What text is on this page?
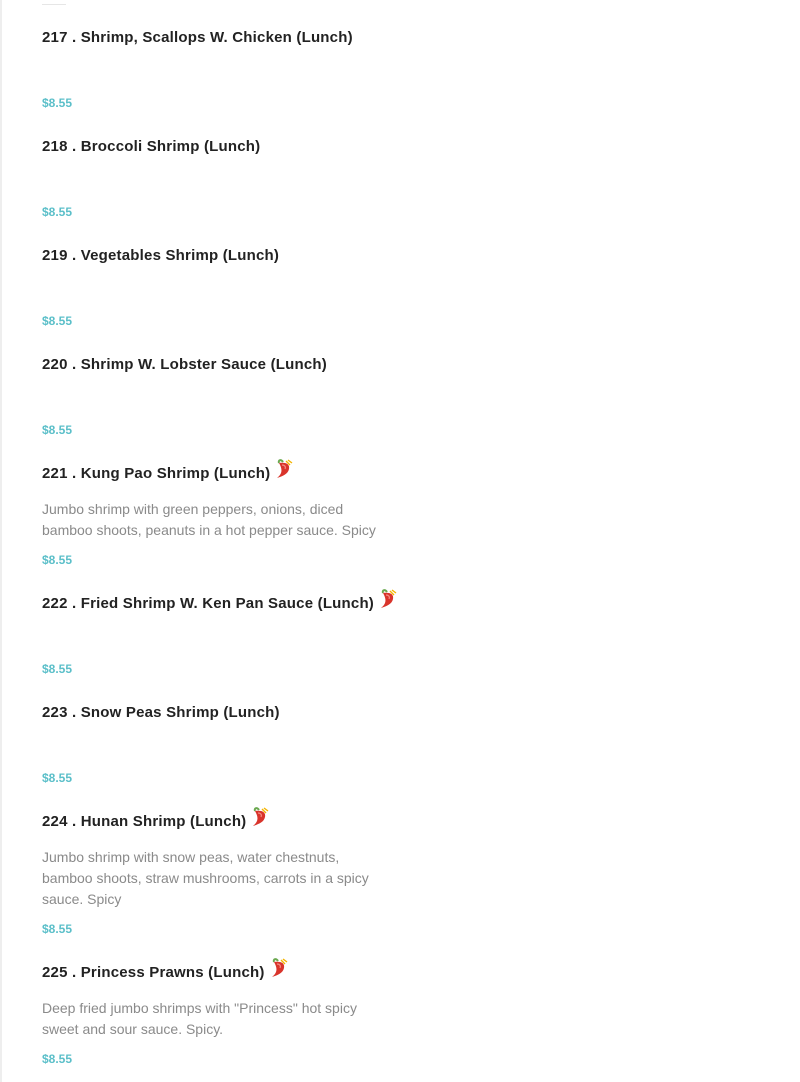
217 . Shrimp, Scallops W. Chicken (Lunch)
$8.55
218 . Broccoli Shrimp (Lunch)
$8.55
219 . Vegetables Shrimp (Lunch)
$8.55
220 . Shrimp W. Lobster Sauce (Lunch)
$8.55
221 . Kung Pao Shrimp (Lunch)
Jumbo shrimp with green peppers, onions, diced bamboo shoots, peanuts in a hot pepper sauce. Spicy
$8.55
222 . Fried Shrimp W. Ken Pan Sauce (Lunch)
$8.55
223 . Snow Peas Shrimp (Lunch)
$8.55
224 . Hunan Shrimp (Lunch)
Jumbo shrimp with snow peas, water chestnuts, bamboo shoots, straw mushrooms, carrots in a spicy sauce. Spicy
$8.55
225 . Princess Prawns (Lunch)
Deep fried jumbo shrimps with "Princess" hot spicy sweet and sour sauce. Spicy.
$8.55
